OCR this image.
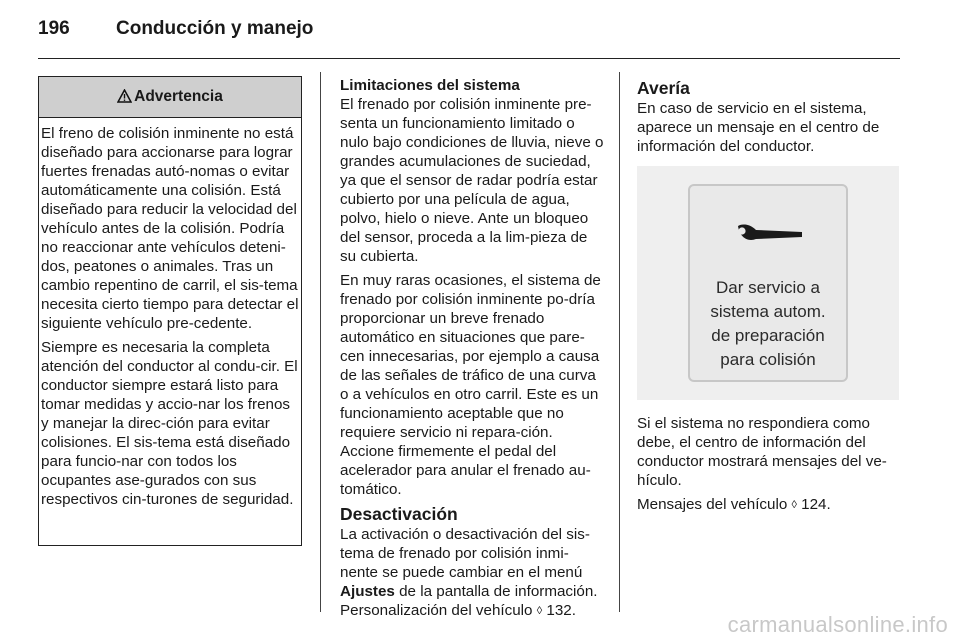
196	Conducción y manejo
Advertencia

El freno de colisión inminente no está diseñado para accionarse para lograr fuertes frenadas autó-nomas o evitar automáticamente una colisión. Está diseñado para reducir la velocidad del vehículo antes de la colisión. Podría no reaccionar ante vehículos deteni-dos, peatones o animales. Tras un cambio repentino de carril, el sis-tema necesita cierto tiempo para detectar el siguiente vehículo pre-cedente.

Siempre es necesaria la completa atención del conductor al condu-cir. El conductor siempre estará listo para tomar medidas y accio-nar los frenos y manejar la direc-ción para evitar colisiones. El sis-tema está diseñado para funcio-nar con todos los ocupantes ase-gurados con sus respectivos cin-turones de seguridad.

Limitaciones del sistema

El frenado por colisión inminente pre-senta un funcionamiento limitado o nulo bajo condiciones de lluvia, nieve o grandes acumulaciones de suciedad, ya que el sensor de radar podría estar cubierto por una película de agua, polvo, hielo o nieve. Ante un bloqueo del sensor, proceda a la lim-pieza de su cubierta.

En muy raras ocasiones, el sistema de frenado por colisión inminente po-dría proporcionar un breve frenado automático en situaciones que pare-cen innecesarias, por ejemplo a causa de las señales de tráfico de una curva o a vehículos en otro carril. Este es un funcionamiento aceptable que no requiere servicio ni repara-ción. Accione firmemente el pedal del acelerador para anular el frenado au-tomático.

Desactivación

La activación o desactivación del sis-tema de frenado por colisión inmi-nente se puede cambiar en el menú Ajustes de la pantalla de información. Personalización del vehículo ◊ 132.

Avería

En caso de servicio en el sistema, aparece un mensaje en el centro de información del conductor.

Dar servicio a
sistema autom.
de preparación
para colisión

Si el sistema no respondiera como debe, el centro de información del conductor mostrará mensajes del ve-hículo.

Mensajes del vehículo ◊ 124.

carmanualsonline.info
